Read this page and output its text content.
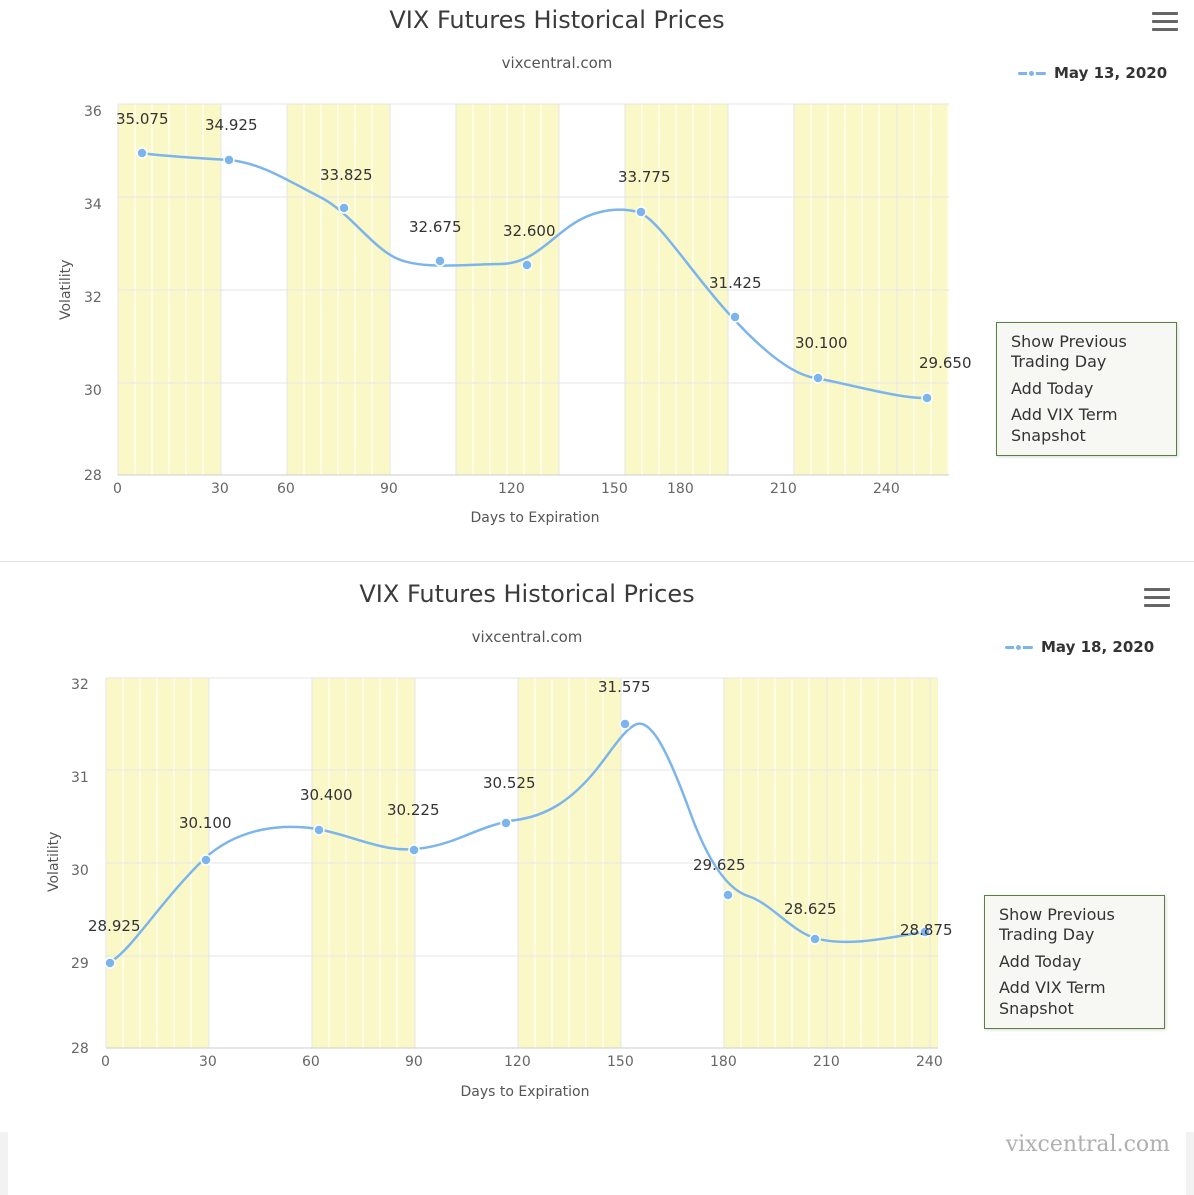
VIX Futures Historical Prices
vixcentral.com
May 13, 2020
Volatility
Days to Expiration
36
34
32
30
28
0	30	60	90	120	150	180	210	240
35.075 34.925
33.825
32.675	32.600
33.775
31.425
30.100
29.650
Show Previous Trading Day
Add Today
Add VIX Term Snapshot
VIX Futures Historical Prices
vixcentral.com
May 18, 2020
Volatility
Days to Expiration
32
31
30
29
28
0	30	60	90	120	150	180	210	240
28.925
30.100
30.400
30.225
30.525
31.575
29.625
28.625
28.875
Show Previous Trading Day
Add Today
Add VIX Term Snapshot
vixcentral.com
